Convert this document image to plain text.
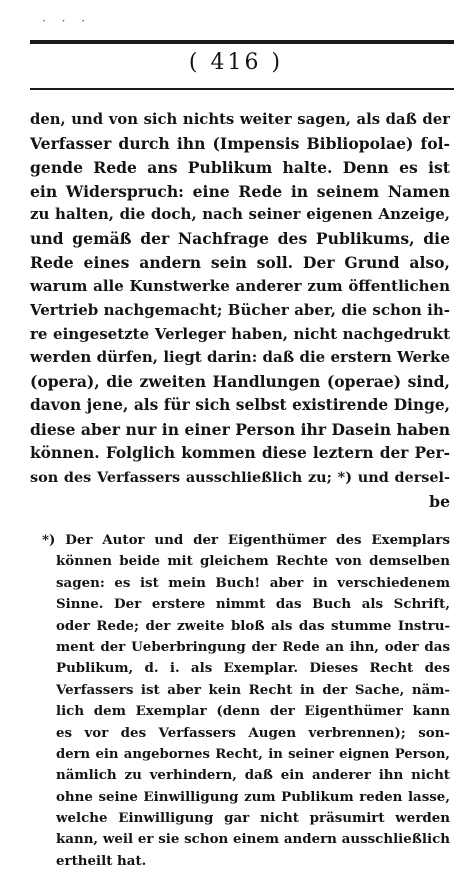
· · ·
( 416 )
den, und von sich nichts weiter sagen, als daß der
Verfasser durch ihn (Impensis Bibliopolae) fol-
gende Rede ans Publikum halte. Denn es ist
ein Widerspruch: eine Rede in seinem Namen
zu halten, die doch, nach seiner eigenen Anzeige,
und gemäß der Nachfrage des Publikums, die
Rede eines andern sein soll. Der Grund also,
warum alle Kunstwerke anderer zum öffentlichen
Vertrieb nachgemacht; Bücher aber, die schon ih-
re eingesetzte Verleger haben, nicht nachgedrukt
werden dürfen, liegt darin: daß die erstern Werke
(opera), die zweiten Handlungen (operae) sind,
davon jene, als für sich selbst existirende Dinge,
diese aber nur in einer Person ihr Dasein haben
können. Folglich kommen diese leztern der Per-
son des Verfassers ausschließlich zu; *) und dersel-
be
*) Der Autor und der Eigenthümer des Exemplars
können beide mit gleichem Rechte von demselben
sagen: es ist mein Buch! aber in verschiedenem
Sinne. Der erstere nimmt das Buch als Schrift,
oder Rede; der zweite bloß als das stumme Instru-
ment der Ueberbringung der Rede an ihn, oder das
Publikum, d. i. als Exemplar. Dieses Recht des
Verfassers ist aber kein Recht in der Sache, näm-
lich dem Exemplar (denn der Eigenthümer kann
es vor des Verfassers Augen verbrennen); son-
dern ein angebornes Recht, in seiner eignen Person,
nämlich zu verhindern, daß ein anderer ihn nicht
ohne seine Einwilligung zum Publikum reden lasse,
welche Einwilligung gar nicht präsumirt werden
kann, weil er sie schon einem andern ausschließlich
ertheilt hat.
